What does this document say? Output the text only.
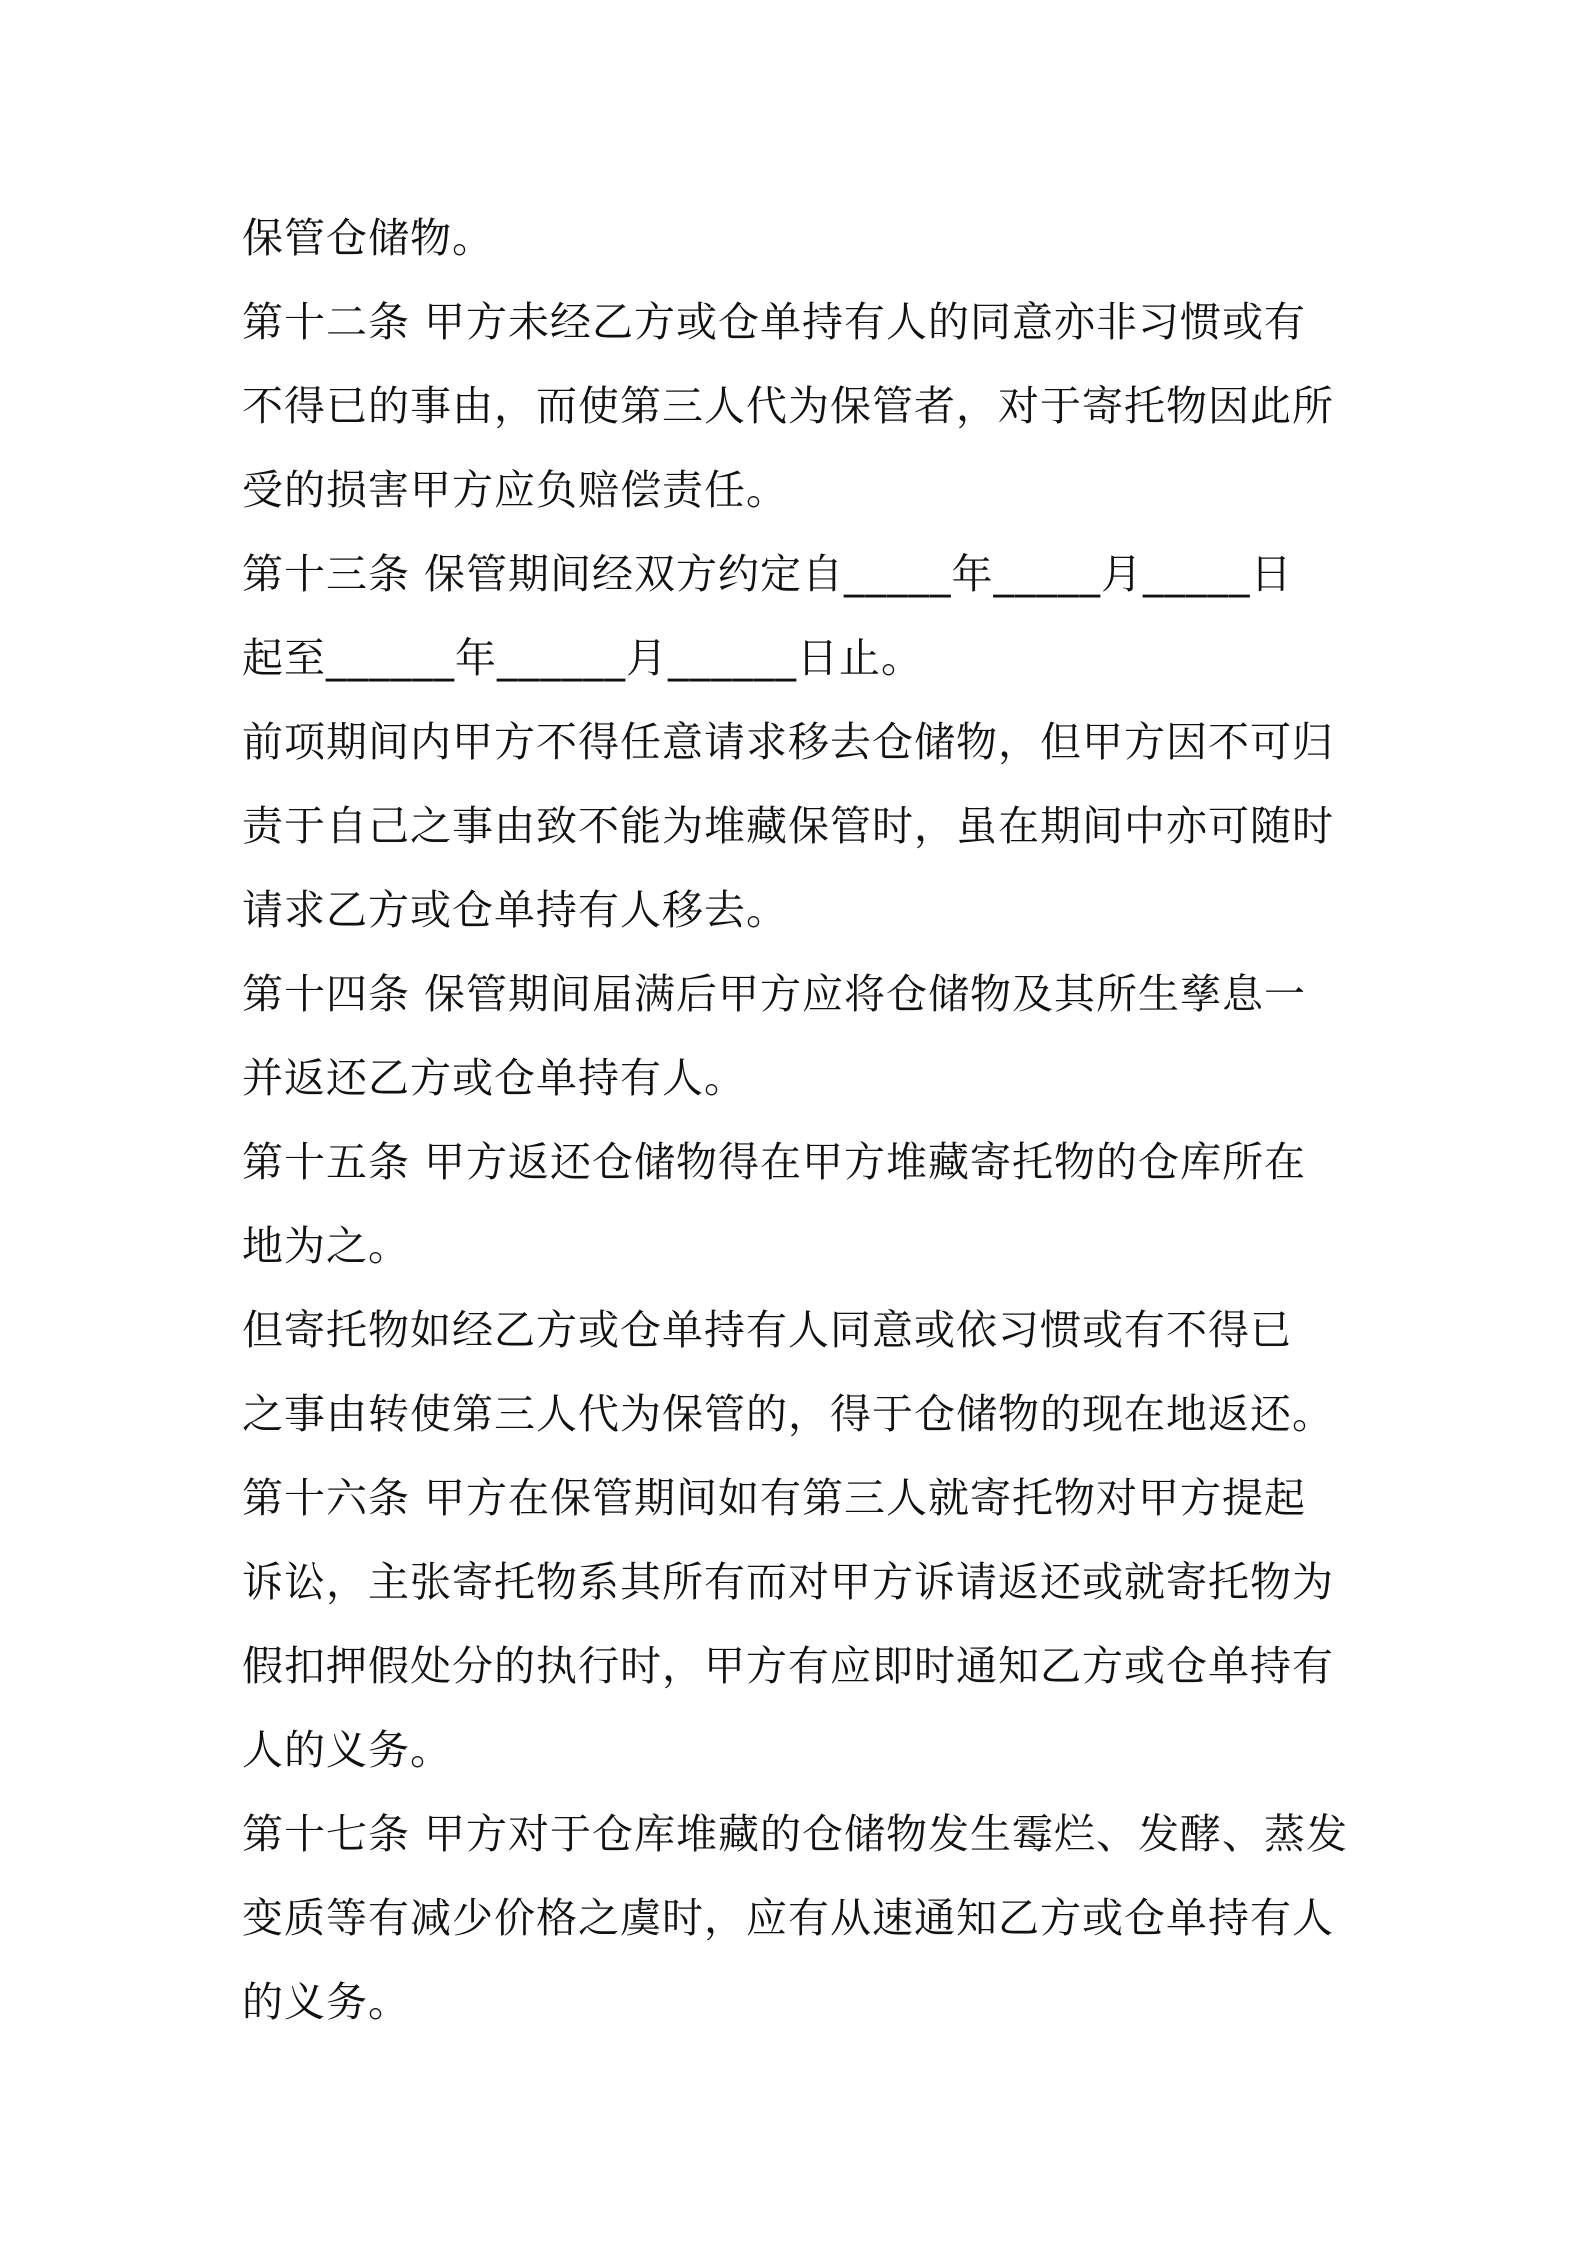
保管仓储物。
第十二条 甲方未经乙方或仓单持有人的同意亦非习惯或有
不得已的事由，而使第三人代为保管者，对于寄托物因此所
受的损害甲方应负赔偿责任。
第十三条 保管期间经双方约定自_____年_____月_____日
起至______年______月______日止。
前项期间内甲方不得任意请求移去仓储物，但甲方因不可归
责于自己之事由致不能为堆藏保管时，虽在期间中亦可随时
请求乙方或仓单持有人移去。
第十四条 保管期间届满后甲方应将仓储物及其所生孳息一
并返还乙方或仓单持有人。
第十五条 甲方返还仓储物得在甲方堆藏寄托物的仓库所在
地为之。
但寄托物如经乙方或仓单持有人同意或依习惯或有不得已
之事由转使第三人代为保管的，得于仓储物的现在地返还。
第十六条 甲方在保管期间如有第三人就寄托物对甲方提起
诉讼，主张寄托物系其所有而对甲方诉请返还或就寄托物为
假扣押假处分的执行时，甲方有应即时通知乙方或仓单持有
人的义务。
第十七条 甲方对于仓库堆藏的仓储物发生霉烂、发酵、蒸发
变质等有减少价格之虞时，应有从速通知乙方或仓单持有人
的义务。
